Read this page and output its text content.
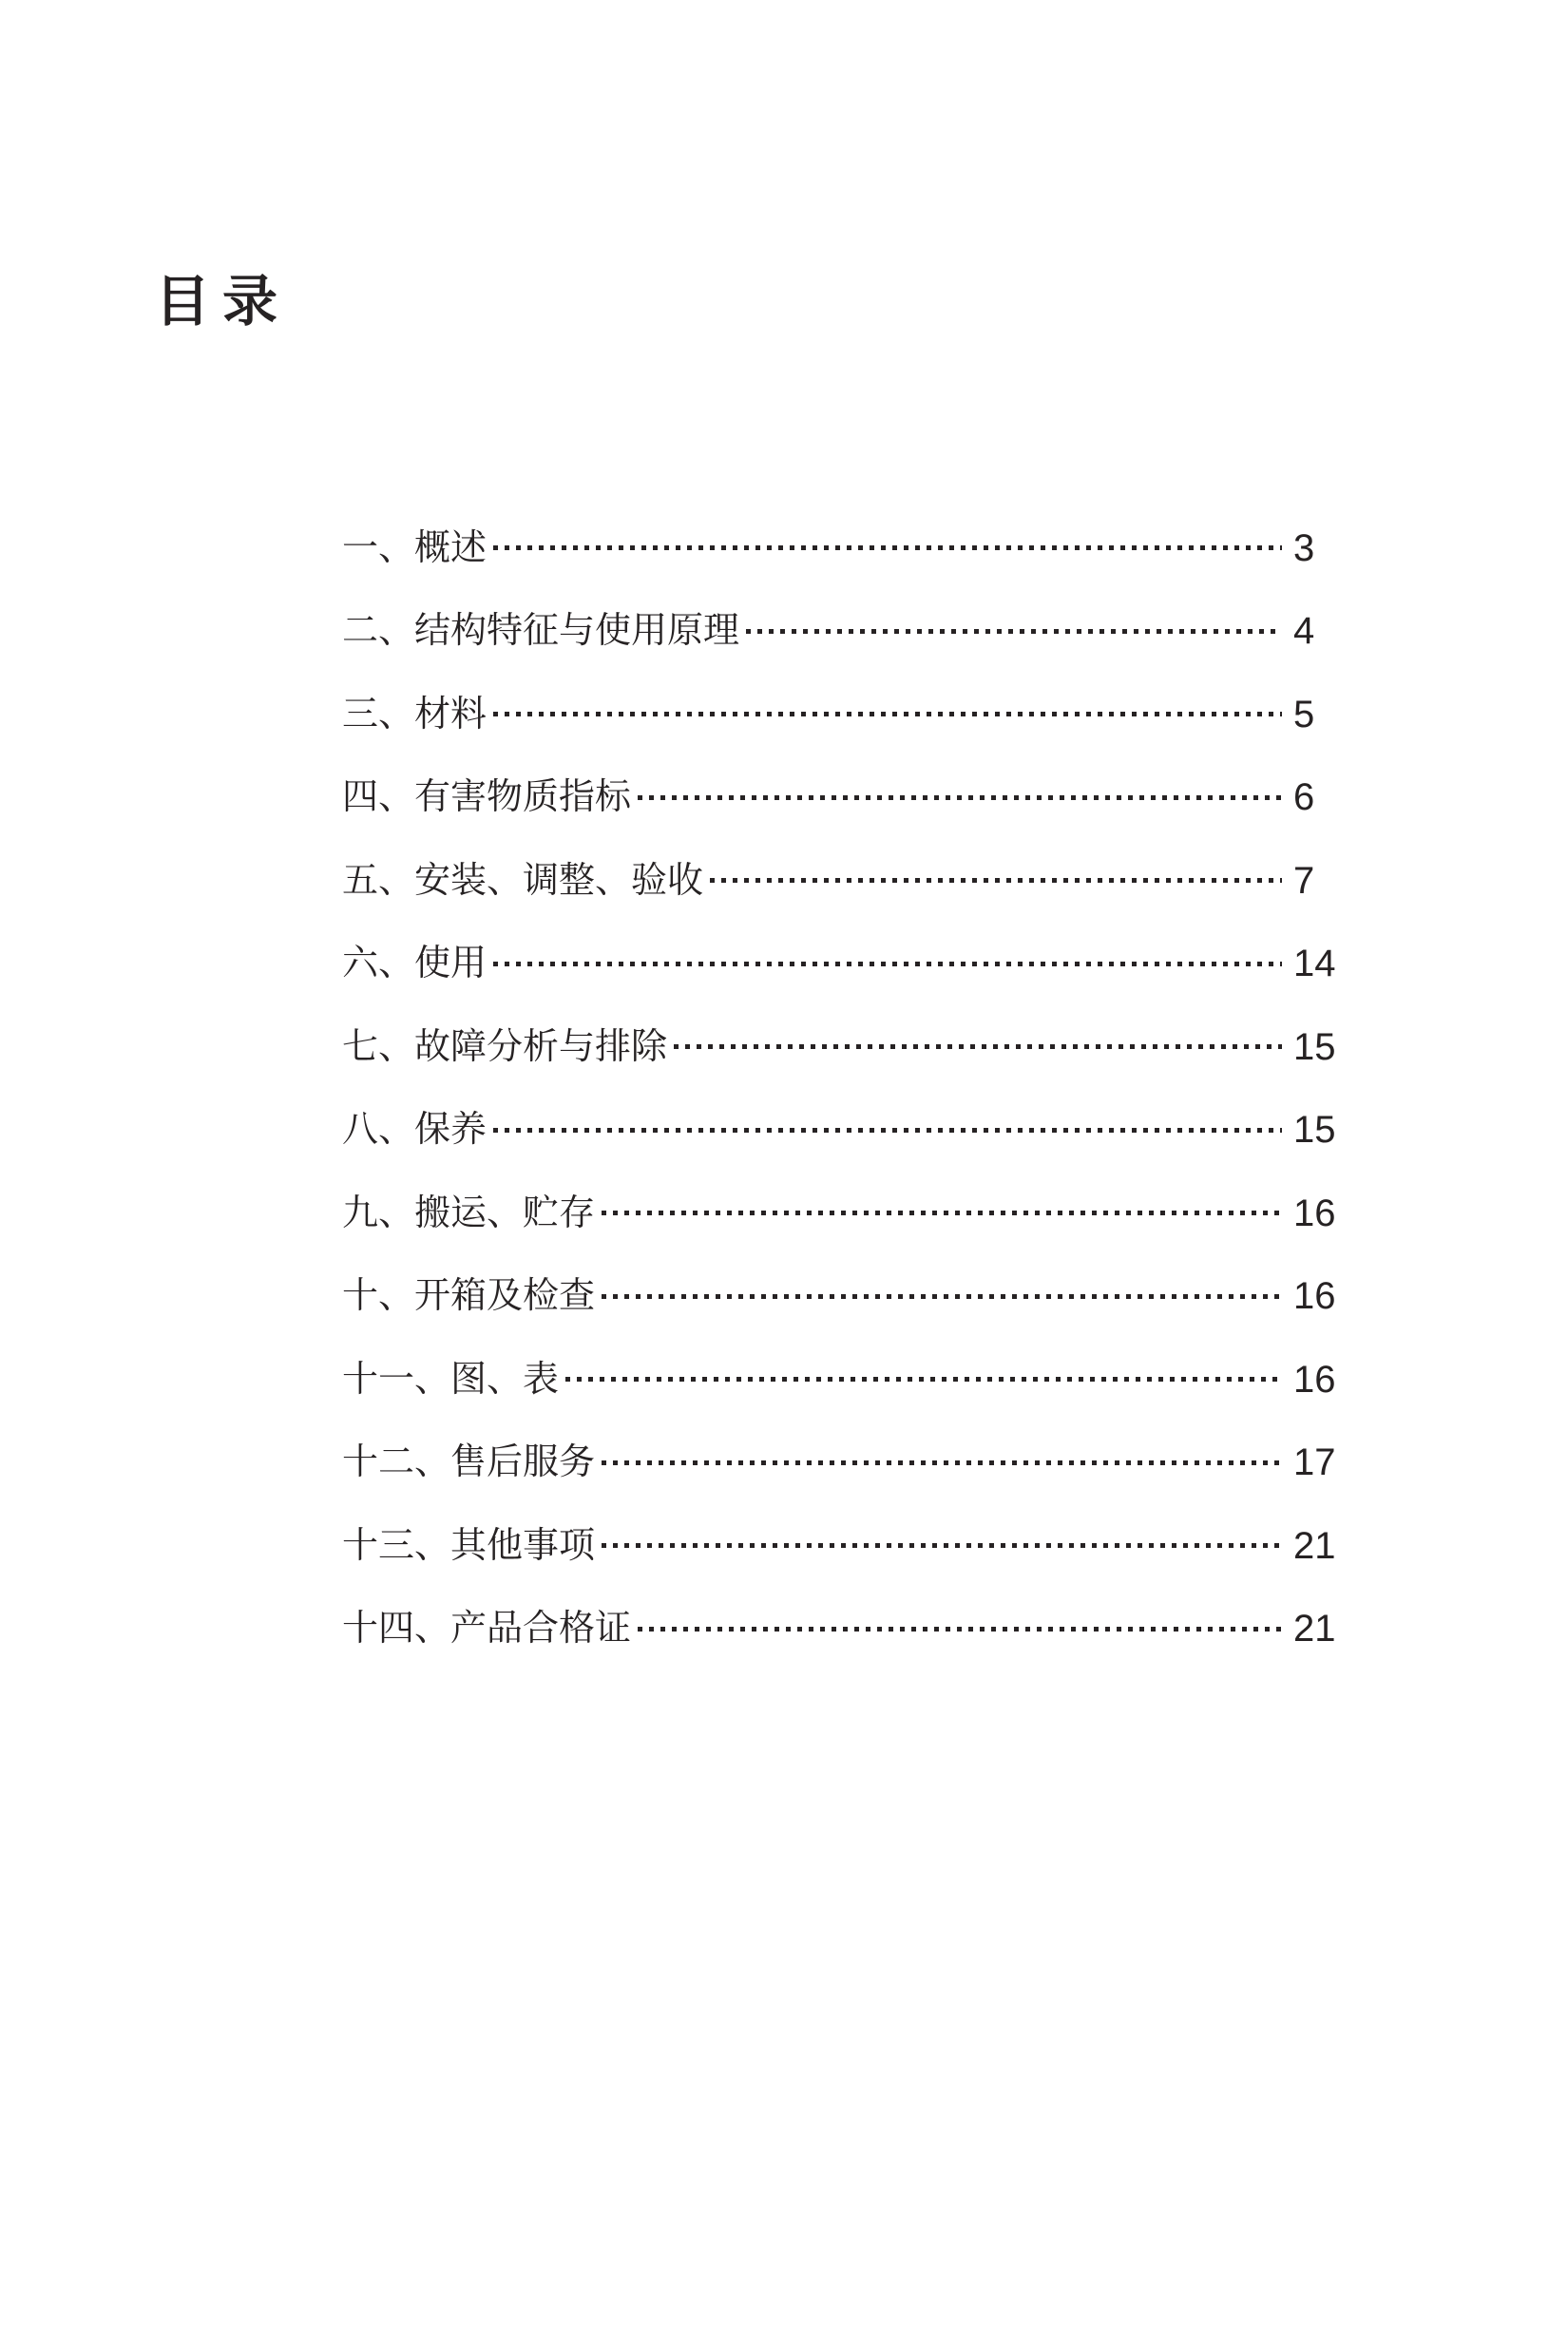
目录
一、概述	3
二、结构特征与使用原理	4
三、材料	5
四、有害物质指标	6
五、安装、调整、验收	7
六、使用	14
七、故障分析与排除	15
八、保养	15
九、搬运、贮存	16
十、开箱及检查	16
十一、图、表	16
十二、售后服务	17
十三、其他事项	21
十四、产品合格证	21
